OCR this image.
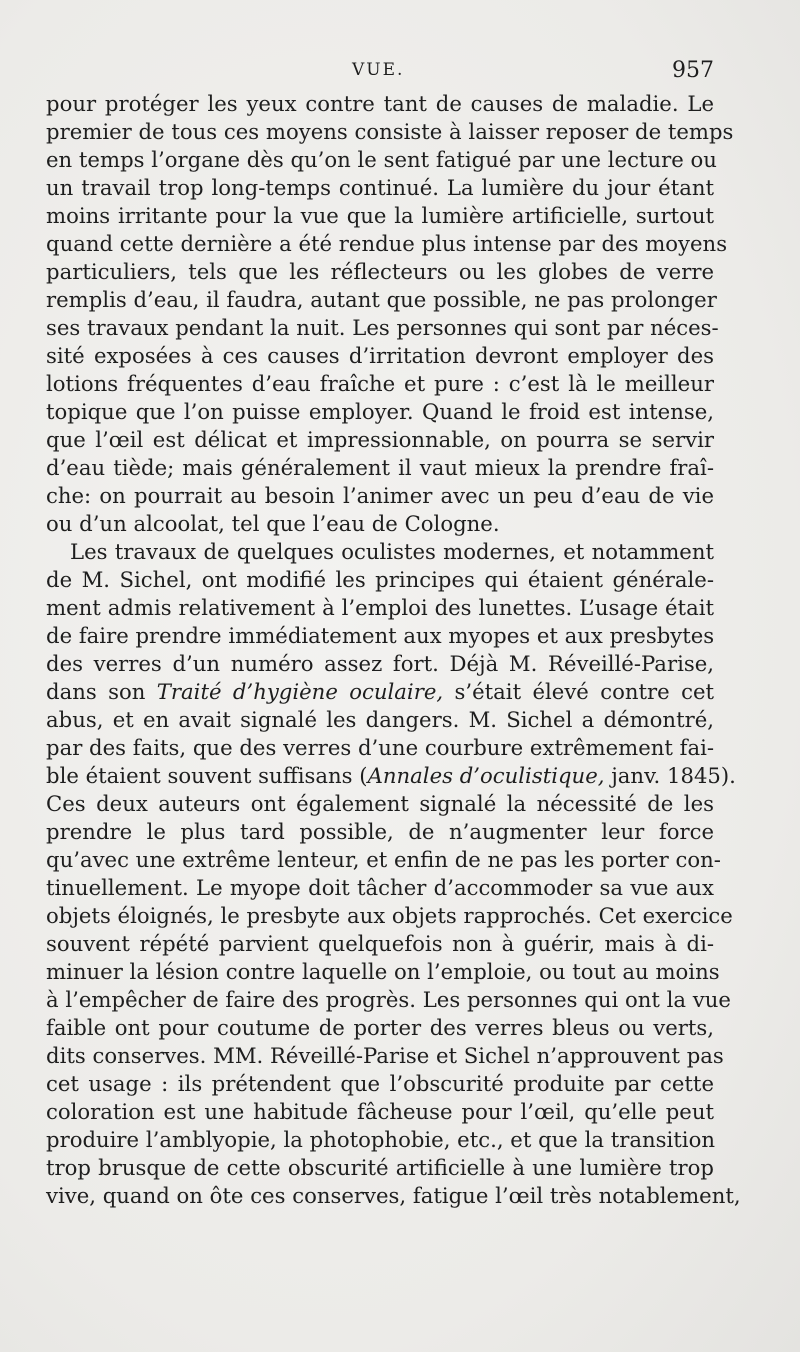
VUE.	957
pour protéger les yeux contre tant de causes de maladie. Le
premier de tous ces moyens consiste à laisser reposer de temps
en temps l’organe dès qu’on le sent fatigué par une lecture ou
un travail trop long-temps continué. La lumière du jour étant
moins irritante pour la vue que la lumière artificielle, surtout
quand cette dernière a été rendue plus intense par des moyens
particuliers, tels que les réflecteurs ou les globes de verre
remplis d’eau, il faudra, autant que possible, ne pas prolonger
ses travaux pendant la nuit. Les personnes qui sont par néces-
sité exposées à ces causes d’irritation devront employer des
lotions fréquentes d’eau fraîche et pure : c’est là le meilleur
topique que l’on puisse employer. Quand le froid est intense,
que l’œil est délicat et impressionnable, on pourra se servir
d’eau tiède; mais généralement il vaut mieux la prendre fraî-
che: on pourrait au besoin l’animer avec un peu d’eau de vie
ou d’un alcoolat, tel que l’eau de Cologne.
Les travaux de quelques oculistes modernes, et notamment
de M. Sichel, ont modifié les principes qui étaient générale-
ment admis relativement à l’emploi des lunettes. L’usage était
de faire prendre immédiatement aux myopes et aux presbytes
des verres d’un numéro assez fort. Déjà M. Réveillé-Parise,
dans son Traité d’hygiène oculaire, s’était élevé contre cet
abus, et en avait signalé les dangers. M. Sichel a démontré,
par des faits, que des verres d’une courbure extrêmement fai-
ble étaient souvent suffisans (Annales d’oculistique, janv. 1845).
Ces deux auteurs ont également signalé la nécessité de les
prendre le plus tard possible, de n’augmenter leur force
qu’avec une extrême lenteur, et enfin de ne pas les porter con-
tinuellement. Le myope doit tâcher d’accommoder sa vue aux
objets éloignés, le presbyte aux objets rapprochés. Cet exercice
souvent répété parvient quelquefois non à guérir, mais à di-
minuer la lésion contre laquelle on l’emploie, ou tout au moins
à l’empêcher de faire des progrès. Les personnes qui ont la vue
faible ont pour coutume de porter des verres bleus ou verts,
dits conserves. MM. Réveillé-Parise et Sichel n’approuvent pas
cet usage : ils prétendent que l’obscurité produite par cette
coloration est une habitude fâcheuse pour l’œil, qu’elle peut
produire l’amblyopie, la photophobie, etc., et que la transition
trop brusque de cette obscurité artificielle à une lumière trop
vive, quand on ôte ces conserves, fatigue l’œil très notablement,
